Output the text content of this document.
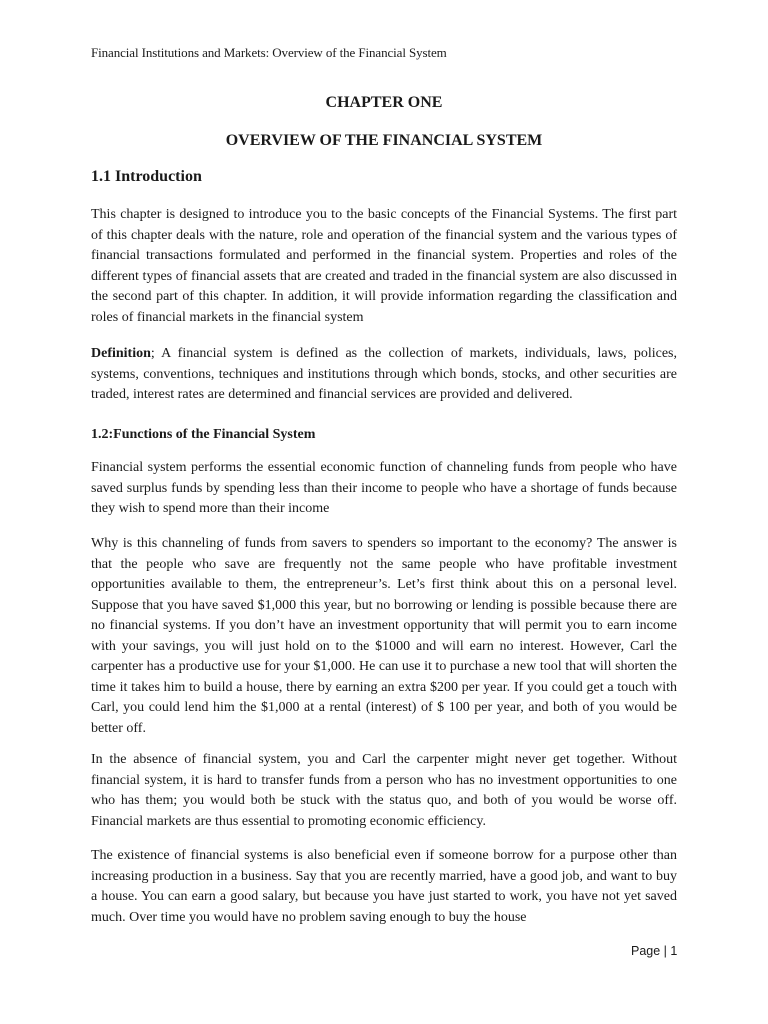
Financial Institutions and Markets: Overview of the Financial System
CHAPTER ONE
OVERVIEW OF THE FINANCIAL SYSTEM
1.1 Introduction

This chapter is designed to introduce you to the basic concepts of the Financial Systems. The first part of this chapter deals with the nature, role and operation of the financial system and the various types of financial transactions formulated and performed in the financial system. Properties and roles of the different types of financial assets that are created and traded in the financial system are also discussed in the second part of this chapter. In addition, it will provide information regarding the classification and roles of financial markets in the financial system

Definition; A financial system is defined as the collection of markets, individuals, laws, polices, systems, conventions, techniques and institutions through which bonds, stocks, and other securities are traded, interest rates are determined and financial services are provided and delivered.

1.2:Functions of the Financial System

Financial system performs the essential economic function of channeling funds from people who have saved surplus funds by spending less than their income to people who have a shortage of funds because they wish to spend more than their income

Why is this channeling of funds from savers to spenders so important to the economy? The answer is that the people who save are frequently not the same people who have profitable investment opportunities available to them, the entrepreneur’s. Let’s first think about this on a personal level. Suppose that you have saved $1,000 this year, but no borrowing or lending is possible because there are no financial systems. If you don’t have an investment opportunity that will permit you to earn income with your savings, you will just hold on to the $1000 and will earn no interest. However, Carl the carpenter has a productive use for your $1,000. He can use it to purchase a new tool that will shorten the time it takes him to build a house, there by earning an extra $200 per year. If you could get a touch with Carl, you could lend him the $1,000 at a rental (interest) of $ 100 per year, and both of you would be better off.

In the absence of financial system, you and Carl the carpenter might never get together. Without financial system, it is hard to transfer funds from a person who has no investment opportunities to one who has them; you would both be stuck with the status quo, and both of you would be worse off. Financial markets are thus essential to promoting economic efficiency.

The existence of financial systems is also beneficial even if someone borrow for a purpose other than increasing production in a business. Say that you are recently married, have a good job, and want to buy a house. You can earn a good salary, but because you have just started to work, you have not yet saved much. Over time you would have no problem saving enough to buy the house

Page | 1
